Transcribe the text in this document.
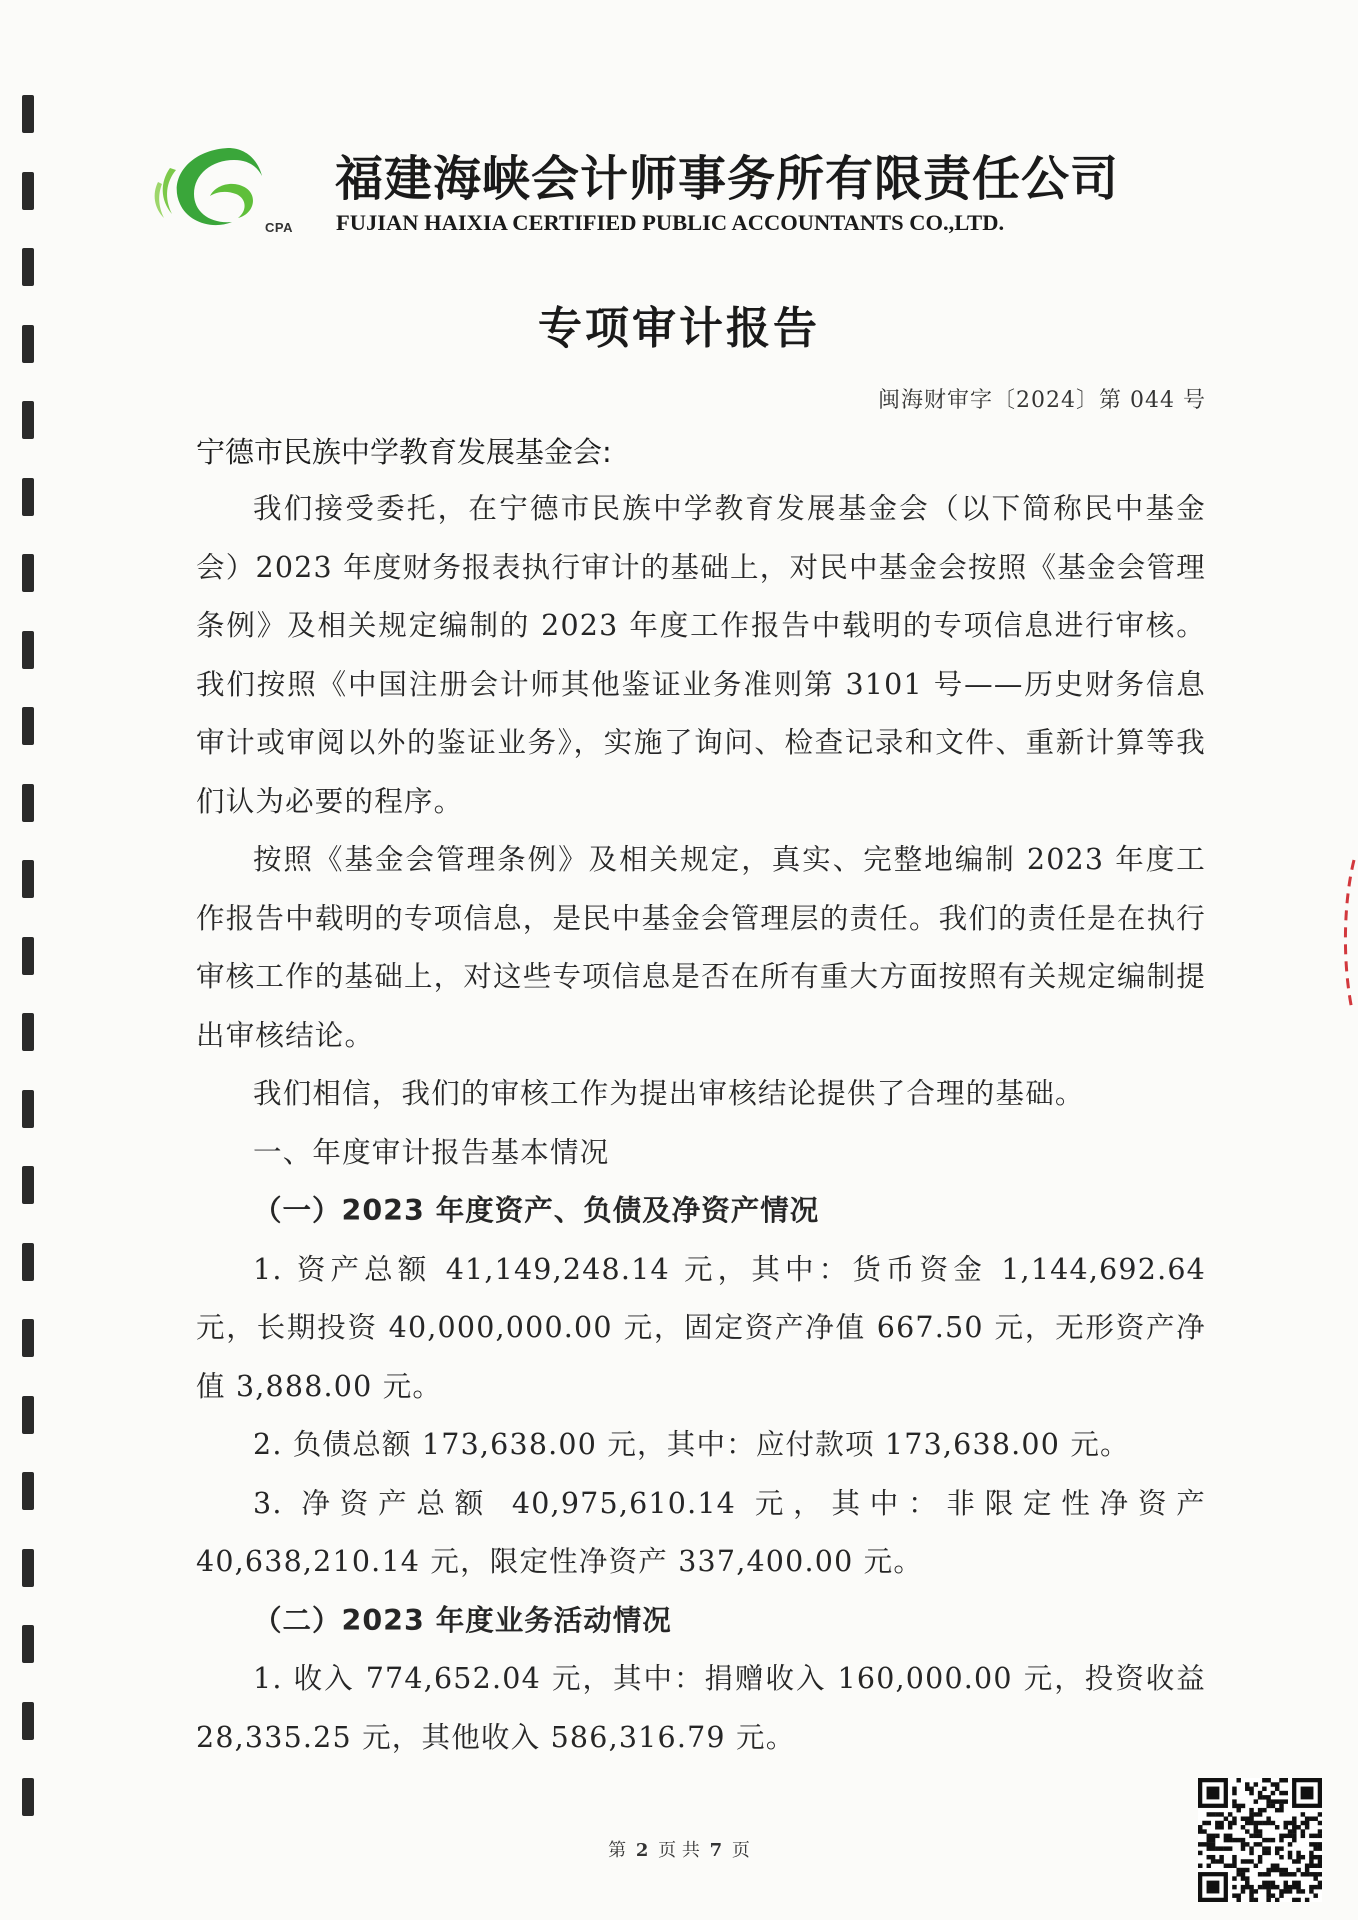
CPA
福建海峡会计师事务所有限责任公司
FUJIAN HAIXIA CERTIFIED PUBLIC ACCOUNTANTS CO.,LTD.
专项审计报告
闽海财审字〔2024〕第 044 号
宁德市民族中学教育发展基金会:

我们接受委托，在宁德市民族中学教育发展基金会（以下简称民中基金会）2023 年度财务报表执行审计的基础上，对民中基金会按照《基金会管理条例》及相关规定编制的 2023 年度工作报告中载明的专项信息进行审核。我们按照《中国注册会计师其他鉴证业务准则第 3101 号——历史财务信息审计或审阅以外的鉴证业务》，实施了询问、检查记录和文件、重新计算等我们认为必要的程序。

按照《基金会管理条例》及相关规定，真实、完整地编制 2023 年度工作报告中载明的专项信息，是民中基金会管理层的责任。我们的责任是在执行审核工作的基础上，对这些专项信息是否在所有重大方面按照有关规定编制提出审核结论。

我们相信，我们的审核工作为提出审核结论提供了合理的基础。

一、年度审计报告基本情况

（一）2023 年度资产、负债及净资产情况

1. 资产总额 41,149,248.14 元，其中：货币资金 1,144,692.64 元，长期投资 40,000,000.00 元，固定资产净值 667.50 元，无形资产净值 3,888.00 元。

2. 负债总额 173,638.00 元，其中：应付款项 173,638.00 元。

3. 净资产总额 40,975,610.14 元，其中：非限定性净资产 40,638,210.14 元，限定性净资产 337,400.00 元。

（二）2023 年度业务活动情况

1. 收入 774,652.04 元，其中：捐赠收入 160,000.00 元，投资收益 28,335.25 元，其他收入 586,316.79 元。

第 2 页 共 7 页
